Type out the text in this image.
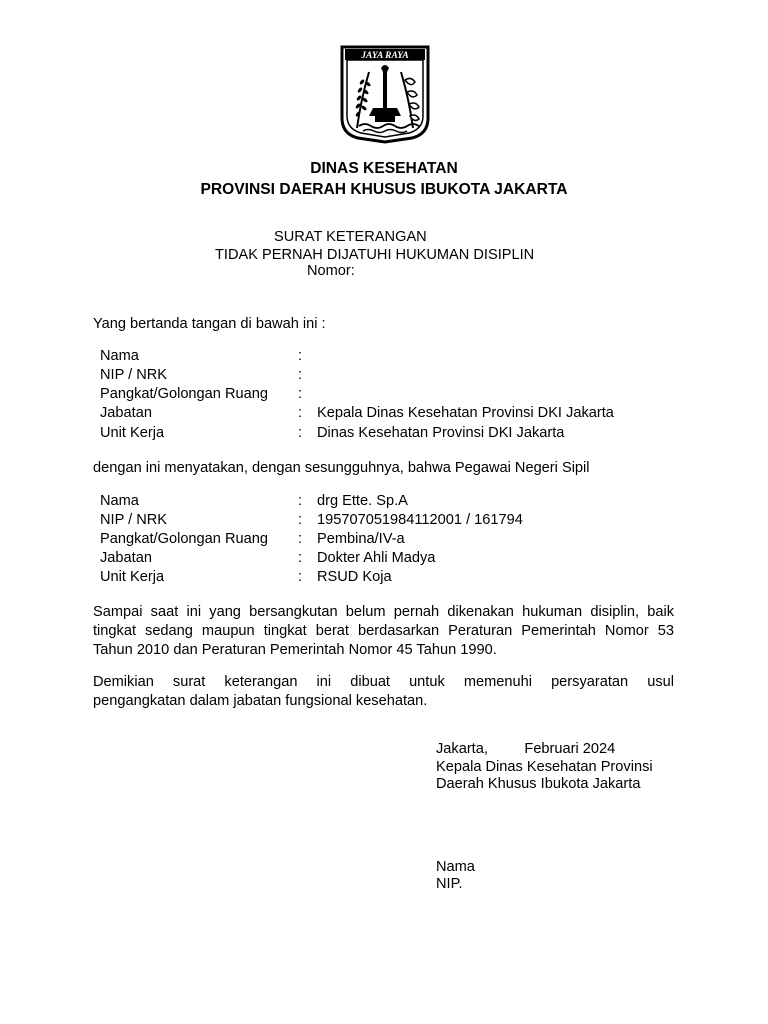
JAYA RAYA
DINAS KESEHATAN
PROVINSI DAERAH KHUSUS IBUKOTA JAKARTA
SURAT KETERANGAN
TIDAK PERNAH DIJATUHI HUKUMAN DISIPLIN
Nomor:
Yang bertanda tangan di bawah ini :
Nama	:
NIP / NRK	:
Pangkat/Golongan Ruang :
Jabatan	: Kepala Dinas Kesehatan Provinsi DKI Jakarta
Unit Kerja	: Dinas Kesehatan Provinsi DKI Jakarta
dengan ini menyatakan, dengan sesungguhnya, bahwa Pegawai Negeri Sipil
Nama	: drg Ette. Sp.A
NIP / NRK	: 195707051984112001 / 161794
Pangkat/Golongan Ruang : Pembina/IV-a
Jabatan	: Dokter Ahli Madya
Unit Kerja	: RSUD Koja
Sampai saat ini yang bersangkutan belum pernah dikenakan hukuman disiplin, baik
tingkat sedang maupun tingkat berat berdasarkan Peraturan Pemerintah Nomor 53
Tahun 2010 dan Peraturan Pemerintah Nomor 45 Tahun 1990.
Demikian surat keterangan ini dibuat untuk memenuhi persyaratan usul
pengangkatan dalam jabatan fungsional kesehatan.
Jakarta,         Februari 2024
Kepala Dinas Kesehatan Provinsi
Daerah Khusus Ibukota Jakarta
Nama
NIP.
